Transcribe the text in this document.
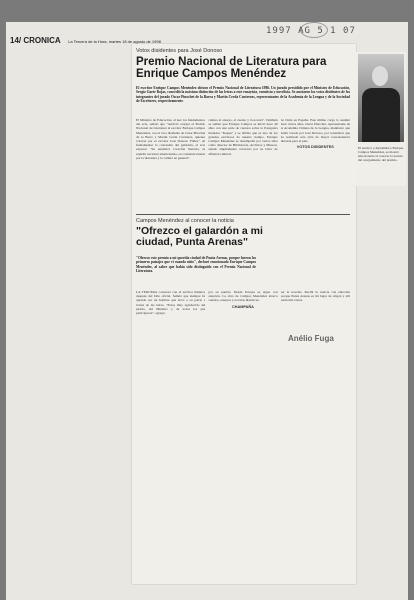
14/ CRONICA La Tercera de la Hora, martes 18 de agosto de 1998
1997 AG 5 1 07
Votos disidentes para José Donoso
Premio Nacional de Literatura para Enrique Campos Menéndez
El escritor Enrique Campos Menéndez obtuvo el Premio Nacional de Literatura 1986. Un jurado presidido por el Ministro de Educación, Sergio Gaete Rojas, concedió la máxima distinción de las letras a este ensayista, cuentista y novelista. Se anotaron los votos disidentes de los integrantes del jurado Oscar Pinochet de la Barra y Martín Cerda Contreras, representantes de la Academia de la Lengua y de la Sociedad de Escritores, respectivamente.
El Ministro de Educación, al leer los fundamentos del acta, señaló que "resolvió otorgar el Premio Nacional de Literatura al escritor Enrique Campos Menéndez, con el voto disidente de César Pinochet de la Barra y Martín Cerda Contreras, quienes votaron por el escritor José Donoso Yáñez". Al fundamentar la concesión del galardón, el acta expresa: "Su auténtica vocación literaria, su espíritu nacional americanista, su constante interés por la literatura y la cultura en general".
cultura al ensayo, al cuento y la novela". También se señaló que Enrique Campos se inició hace 40 años con una serie de cuentos sobre la Patagonia titulados "Kupen" y se afirma que es uno de los grandes escritores de nuestro tiempo. Enrique Campos Menéndez se desempeñó por varios años como director de Bibliotecas, Archivos y Museos, siendo ampliamente conocido por su labor de difusión cultural.
de Chile en España. Este último cargo lo asumió hace varios años. Oscar Pinochet, representante de la Academia Chilena de la Lengua, manifestó que había votado por José Donoso, por considerar que ha realizado una obra de mayor trascendencia literaria para el país.
VOTOS DISIDENTES	El escritor y diplomático Enrique Campos Menéndez, se mostró emocionado al conocer la noticia del otorgamiento del premio.
Campos Menéndez al conocer la noticia
"Ofrezco el galardón a mi ciudad, Punta Arenas"
"Ofrezco este premio a mi querida ciudad de Punta Arenas, porque fueron los primeros paisajes que vi cuando niño", declaró emocionado Enrique Campos Menéndez, al saber que había sido distinguido con el Premio Nacional de Literatura.
LA TERCERA conversó con el escritor minutos después del fallo oficial. Señaló que siempre ha querido ser un hombre que sirve a su patria a través de las letras. "Estoy muy agradecido del jurado, del Ministro y de todos los que participaron", agregó.
por su pueblo. Desde Europa se sigue con atención. La obra de Campos Menéndez abarca cuentos, ensayos y novelas históricas.
CHAMPAÑA
ser la novelas. Recibí la noticia con emoción porque Punta Arenas es mi lugar de origen y allí están mis raíces.
Anélio Fuga
